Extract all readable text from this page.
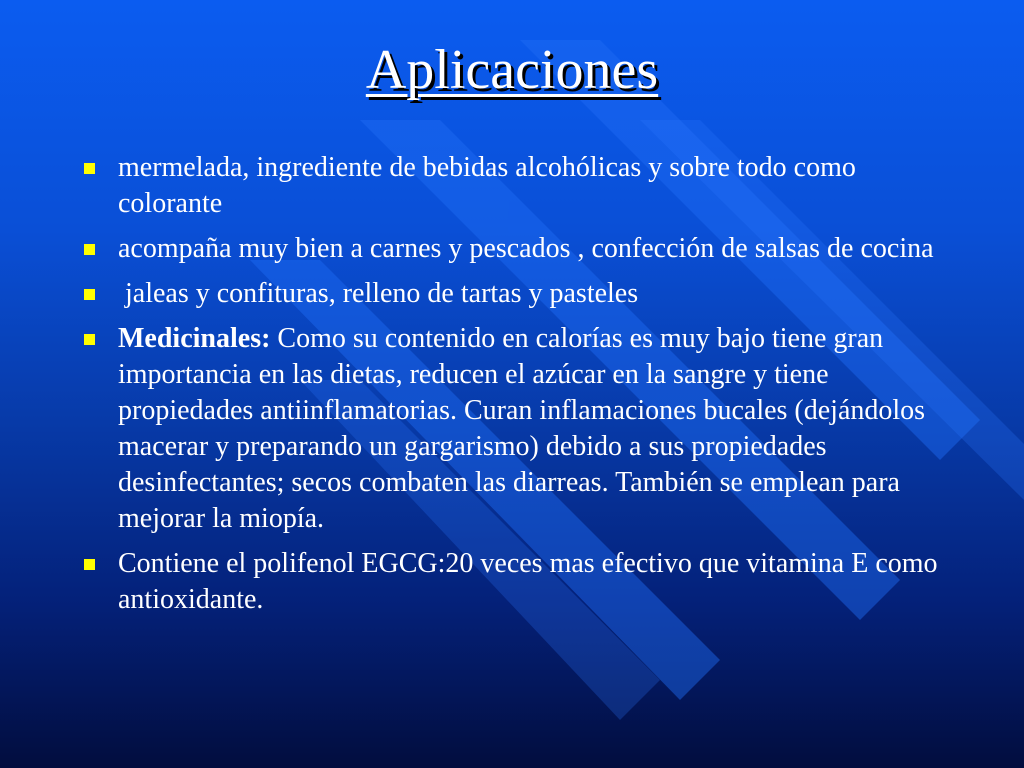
Aplicaciones
mermelada, ingrediente de bebidas alcohólicas y sobre todo como colorante
acompaña muy bien a carnes y pescados , confección de salsas de cocina
jaleas y confituras, relleno de tartas y pasteles
Medicinales: Como su contenido en calorías es muy bajo tiene gran importancia en las dietas, reducen el azúcar en la sangre y tiene propiedades antiinflamatorias. Curan inflamaciones bucales (dejándolos macerar y preparando un gargarismo) debido a sus propiedades desinfectantes; secos combaten las diarreas. También se emplean para mejorar la miopía.
Contiene el polifenol EGCG:20 veces mas efectivo que vitamina E como antioxidante.
